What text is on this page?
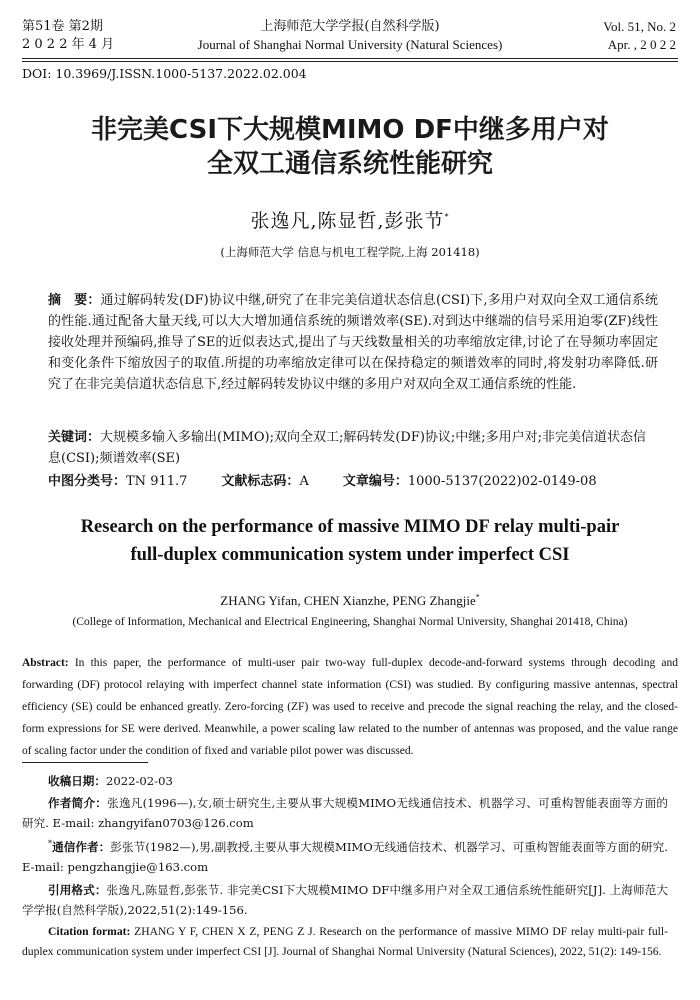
第51卷 第2期
2 0 2 2 年 4 月
上海师范大学学报(自然科学版)
Journal of Shanghai Normal University (Natural Sciences)
Vol. 51, No. 2
Apr. , 2 0 2 2
DOI: 10.3969/J.ISSN.1000-5137.2022.02.004
非完美CSI下大规模MIMO DF中继多用户对
全双工通信系统性能研究
张逸凡,陈显哲,彭张节*
(上海师范大学 信息与机电工程学院,上海 201418)
摘　要：通过解码转发(DF)协议中继,研究了在非完美信道状态信息(CSI)下,多用户对双向全双工通信系统的性能.通过配备大量天线,可以大大增加通信系统的频谱效率(SE).对到达中继端的信号采用迫零(ZF)线性接收处理并预编码,推导了SE的近似表达式,提出了与天线数量相关的功率缩放定律,讨论了在导频功率固定和变化条件下缩放因子的取值.所提的功率缩放定律可以在保持稳定的频谱效率的同时,将发射功率降低.研究了在非完美信道状态信息下,经过解码转发协议中继的多用户对双向全双工通信系统的性能.
关键词：大规模多输入多输出(MIMO);双向全双工;解码转发(DF)协议;中继;多用户对;非完美信道状态信息(CSI);频谱效率(SE)
中图分类号：TN 911.7	文献标志码：A	文章编号：1000-5137(2022)02-0149-08
Research on the performance of massive MIMO DF relay multi-pair
full-duplex communication system under imperfect CSI
ZHANG Yifan, CHEN Xianzhe, PENG Zhangjie*
(College of Information, Mechanical and Electrical Engineering, Shanghai Normal University, Shanghai 201418, China)
Abstract: In this paper, the performance of multi-user pair two-way full-duplex decode-and-forward systems through decoding and forwarding (DF) protocol relaying with imperfect channel state information (CSI) was studied. By configuring massive antennas, spectral efficiency (SE) could be enhanced greatly. Zero-forcing (ZF) was used to receive and precode the signal reaching the relay, and the closed-form expressions for SE were derived. Meanwhile, a power scaling law related to the number of antennas was proposed, and the value range of scaling factor under the condition of fixed and variable pilot power was discussed.
收稿日期：2022-02-03
作者简介：张逸凡(1996—),女,硕士研究生,主要从事大规模MIMO无线通信技术、机器学习、可重构智能表面等方面的研究. E-mail: zhangyifan0703@126.com
*通信作者：彭张节(1982—),男,副教授,主要从事大规模MIMO无线通信技术、机器学习、可重构智能表面等方面的研究. E-mail: pengzhangjie@163.com
引用格式：张逸凡,陈显哲,彭张节. 非完美CSI下大规模MIMO DF中继多用户对全双工通信系统性能研究[J]. 上海师范大学学报(自然科学版),2022,51(2):149-156.
Citation format: ZHANG Y F, CHEN X Z, PENG Z J. Research on the performance of massive MIMO DF relay multi-pair full-duplex communication system under imperfect CSI [J]. Journal of Shanghai Normal University (Natural Sciences), 2022, 51(2): 149-156.
